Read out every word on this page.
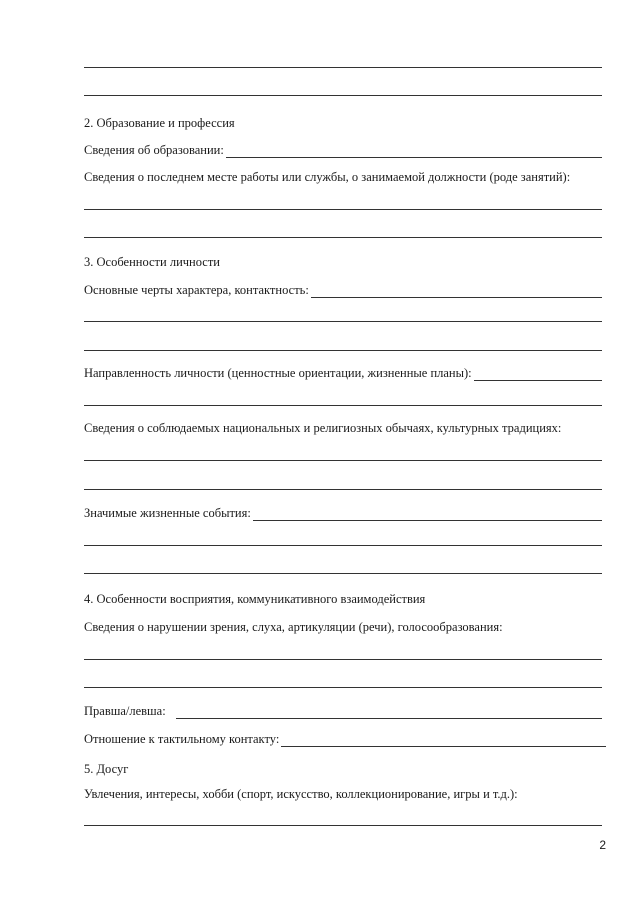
2. Образование и профессия
Сведения об образовании:
Сведения о последнем месте работы или службы, о занимаемой должности (роде занятий):
3. Особенности личности
Основные черты характера, контактность:
Направленность личности (ценностные ориентации, жизненные планы):
Сведения о соблюдаемых национальных и религиозных обычаях, культурных традициях:
Значимые жизненные события:
4. Особенности восприятия, коммуникативного взаимодействия
Сведения о нарушении зрения, слуха, артикуляции (речи), голосообразования:
Правша/левша:
Отношение к тактильному контакту:
5. Досуг
Увлечения, интересы, хобби (спорт, искусство, коллекционирование, игры и т.д.):
2
